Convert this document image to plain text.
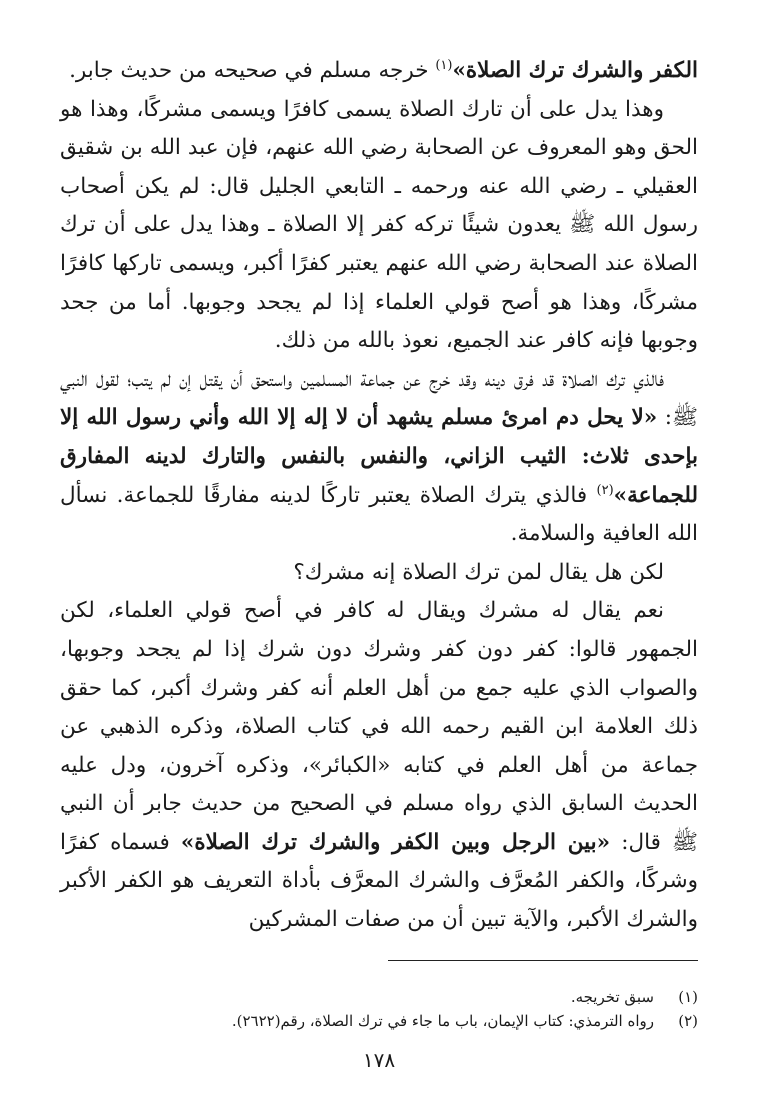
الكفر والشرك ترك الصلاة»$^{(١)}$ خرجه مسلم في صحيحه من حديث جابر.

وهذا يدل على أن تارك الصلاة يسمى كافرًا ويسمى مشركًا، وهذا هو الحق وهو المعروف عن الصحابة رضي الله عنهم، فإن عبد الله بن شقيق العقيلي ـ رضي الله عنه ورحمه ـ التابعي الجليل قال: لم يكن أصحاب رسول الله ﷺ يعدون شيئًا تركه كفر إلا الصلاة ـ وهذا يدل على أن ترك الصلاة عند الصحابة رضي الله عنهم يعتبر كفرًا أكبر، ويسمى تاركها كافرًا مشركًا، وهذا هو أصح قولي العلماء إذا لم يجحد وجوبها. أما من جحد وجوبها فإنه كافر عند الجميع، نعوذ بالله من ذلك.

فالذي ترك الصلاة قد فرق دينه وقد خرج عن جماعة المسلمين واستحق أن يقتل إن لم يتب؛ لقول النبي ﷺ: «لا يحل دم امرئ مسلم يشهد أن لا إله إلا الله وأني رسول الله إلا بإحدى ثلاث: الثيب الزاني، والنفس بالنفس والتارك لدينه المفارق للجماعة»$^{(٢)}$ فالذي يترك الصلاة يعتبر تاركًا لدينه مفارقًا للجماعة. نسأل الله العافية والسلامة.

لكن هل يقال لمن ترك الصلاة إنه مشرك؟

نعم يقال له مشرك ويقال له كافر في أصح قولي العلماء، لكن الجمهور قالوا: كفر دون كفر وشرك دون شرك إذا لم يجحد وجوبها، والصواب الذي عليه جمع من أهل العلم أنه كفر وشرك أكبر، كما حقق ذلك العلامة ابن القيم رحمه الله في كتاب الصلاة، وذكره الذهبي عن جماعة من أهل العلم في كتابه «الكبائر»، وذكره آخرون، ودل عليه الحديث السابق الذي رواه مسلم في الصحيح من حديث جابر أن النبي ﷺ قال: «بين الرجل وبين الكفر والشرك ترك الصلاة» فسماه كفرًا وشركًا، والكفر المُعرَّف والشرك المعرَّف بأداة التعريف هو الكفر الأكبر والشرك الأكبر، والآية تبين أن من صفات المشركين

(١)
سبق تخريجه.
(٢)
رواه الترمذي: كتاب الإيمان، باب ما جاء في ترك الصلاة، رقم(٢٦٢٢).
١٧٨
